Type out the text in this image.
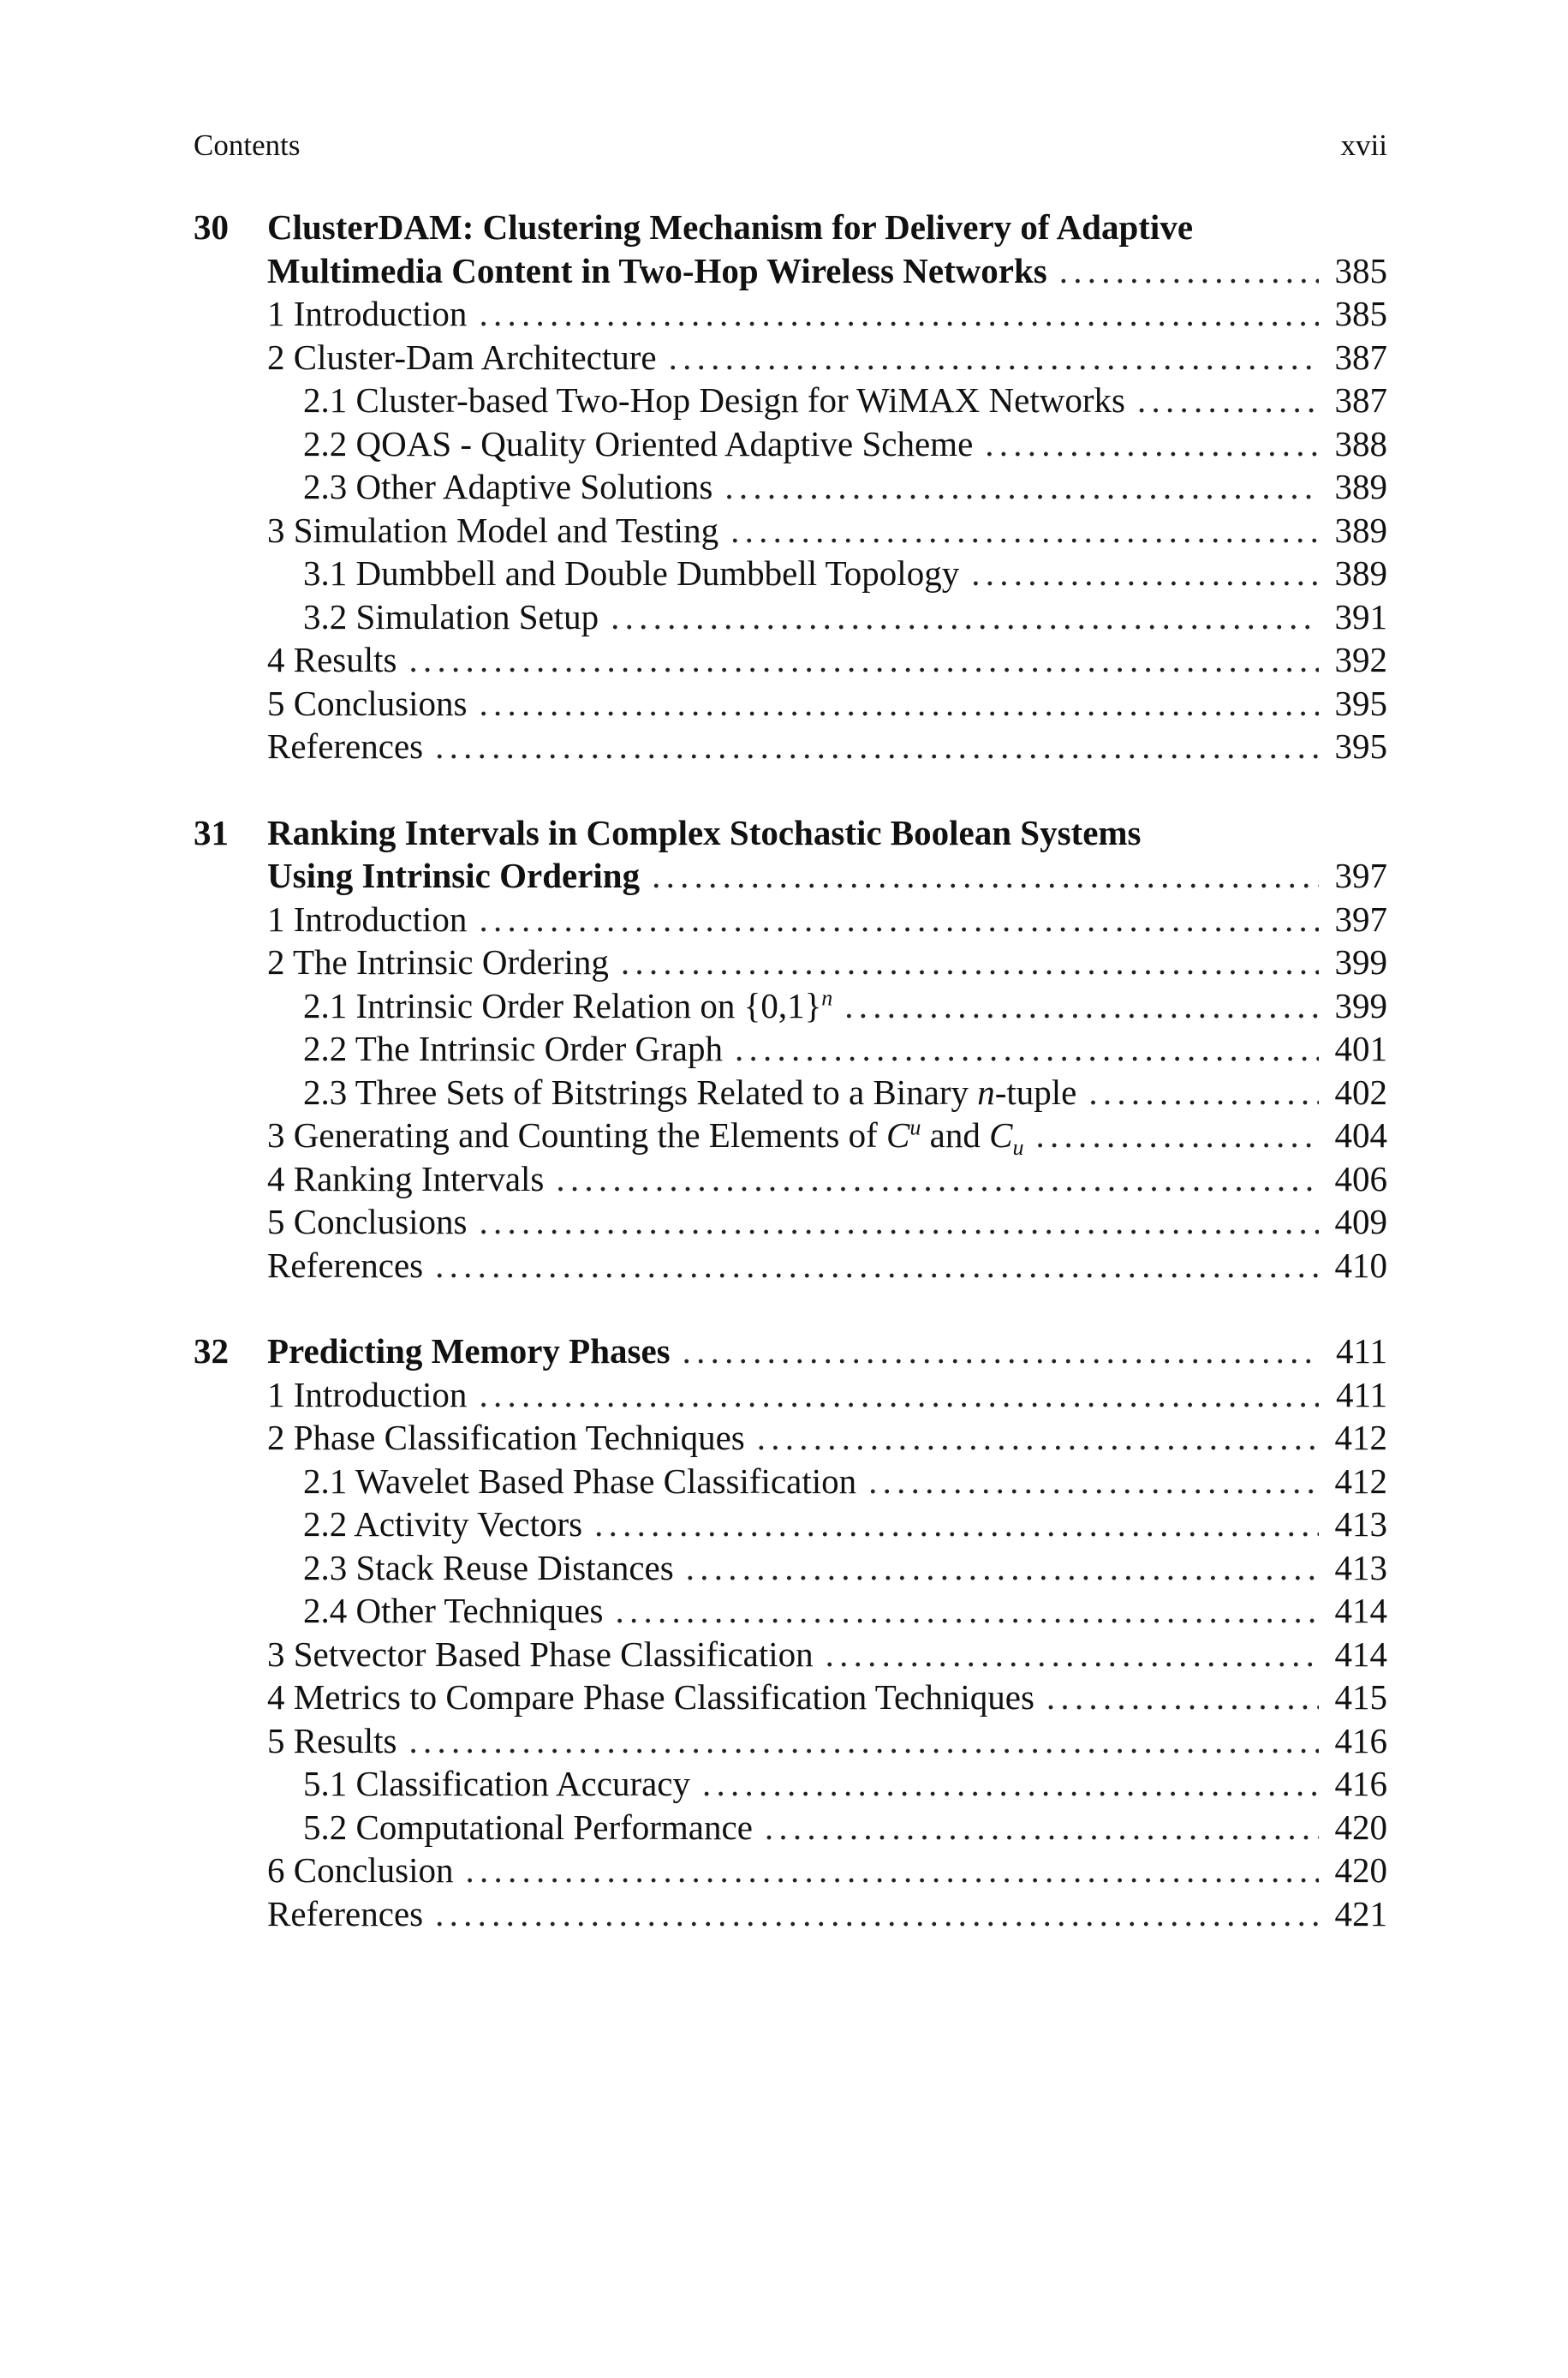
Contents	xvii
30 ClusterDAM: Clustering Mechanism for Delivery of Adaptive
Multimedia Content in Two-Hop Wireless Networks . . .	385
1 Introduction . . .	385
2 Cluster-Dam Architecture . . .	387
2.1 Cluster-based Two-Hop Design for WiMAX Networks . . .	387
2.2 QOAS - Quality Oriented Adaptive Scheme . . .	388
2.3 Other Adaptive Solutions . . .	389
3 Simulation Model and Testing . . .	389
3.1 Dumbbell and Double Dumbbell Topology . . .	389
3.2 Simulation Setup . . .	391
4 Results . . .	392
5 Conclusions . . .	395
References . . .	395
31 Ranking Intervals in Complex Stochastic Boolean Systems
Using Intrinsic Ordering . . .	397
1 Introduction . . .	397
2 The Intrinsic Ordering . . .	399
2.1 Intrinsic Order Relation on $\{0,1\}^n$ . . .	399
2.2 The Intrinsic Order Graph . . .	401
2.3 Three Sets of Bitstrings Related to a Binary n-tuple . . .	402
3 Generating and Counting the Elements of $C^u$ and $C_u$ . . .	404
4 Ranking Intervals . . .	406
5 Conclusions . . .	409
References . . .	410
32 Predicting Memory Phases . . .	411
1 Introduction . . .	411
2 Phase Classification Techniques . . .	412
2.1 Wavelet Based Phase Classification . . .	412
2.2 Activity Vectors . . .	413
2.3 Stack Reuse Distances . . .	413
2.4 Other Techniques . . .	414
3 Setvector Based Phase Classification . . .	414
4 Metrics to Compare Phase Classification Techniques . . .	415
5 Results . . .	416
5.1 Classification Accuracy . . .	416
5.2 Computational Performance . . .	420
6 Conclusion . . .	420
References . . .	421
